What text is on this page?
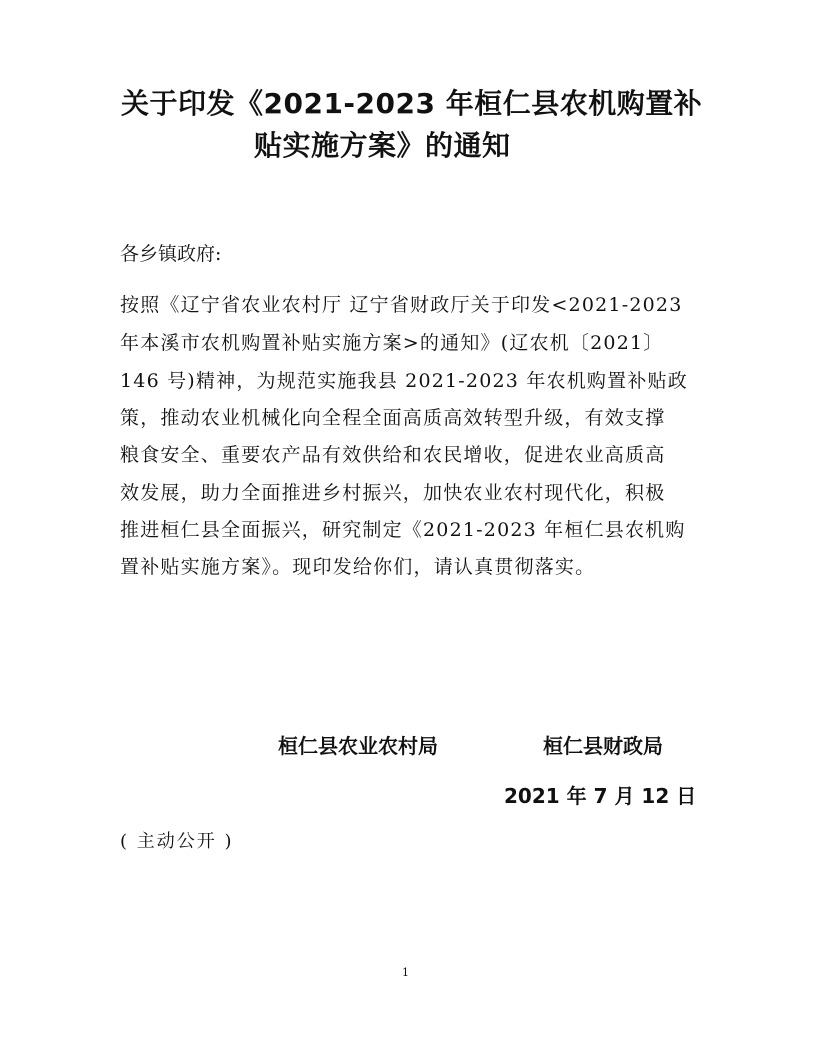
关于印发《2021-2023 年桓仁县农机购置补
贴实施方案》的通知
各乡镇政府:
按照《辽宁省农业农村厅 辽宁省财政厅关于印发<2021-2023
年本溪市农机购置补贴实施方案>的通知》(辽农机〔2021〕
146 号)精神，为规范实施我县 2021-2023 年农机购置补贴政
策，推动农业机械化向全程全面高质高效转型升级，有效支撑
粮食安全、重要农产品有效供给和农民增收，促进农业高质高
效发展，助力全面推进乡村振兴，加快农业农村现代化，积极
推进桓仁县全面振兴，研究制定《2021-2023 年桓仁县农机购
置补贴实施方案》。现印发给你们，请认真贯彻落实。
桓仁县农业农村局	桓仁县财政局
2021 年 7 月 12 日
( 主动公开 )
1
